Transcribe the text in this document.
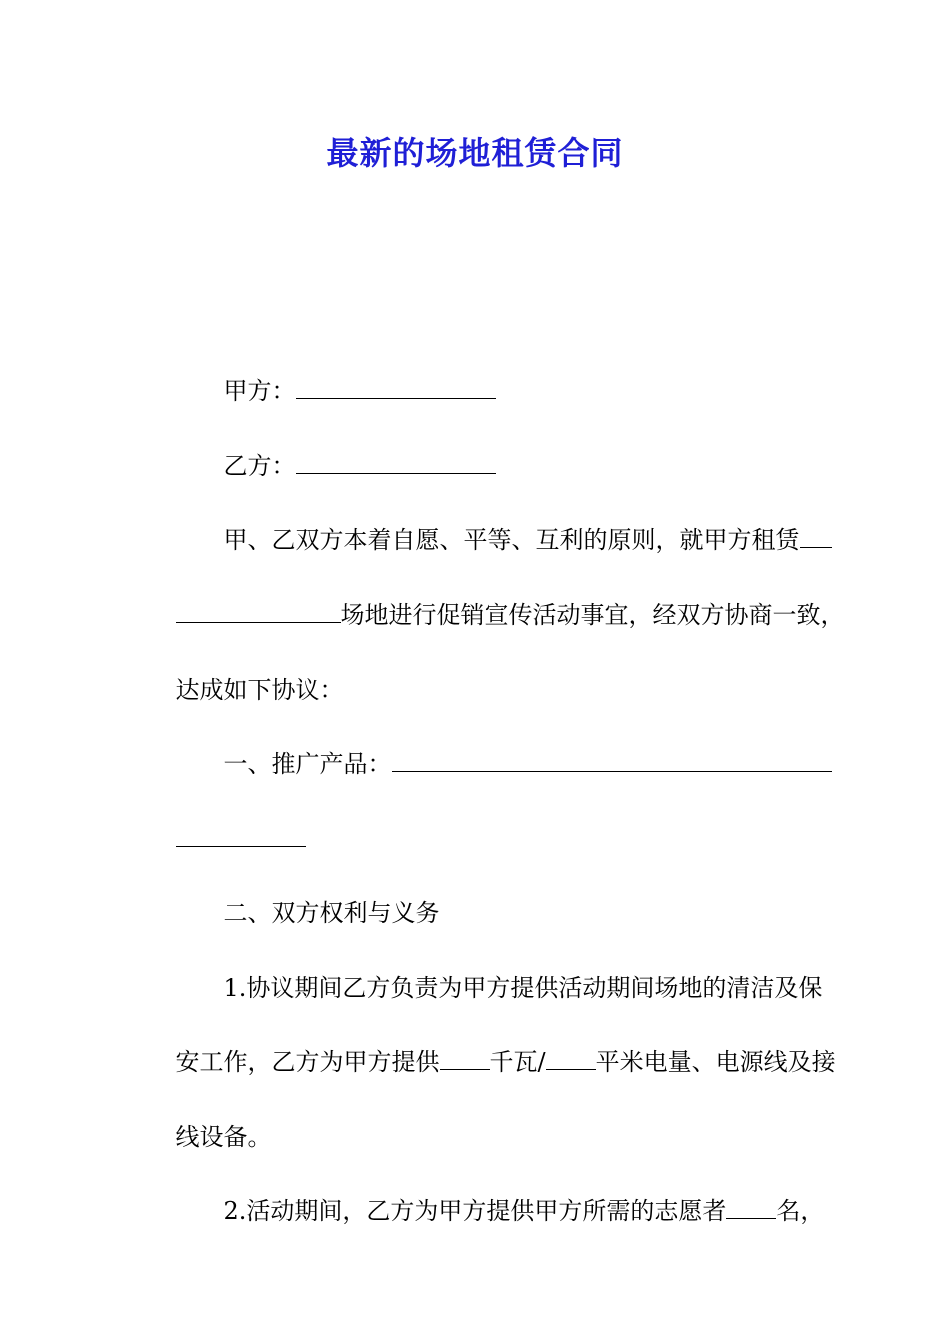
最新的场地租赁合同

甲方：

乙方：

甲、乙双方本着自愿、平等、互利的原则，就甲方租赁

场地进行促销宣传活动事宜，经双方协商一致，

达成如下协议：

一、推广产品：

二、双方权利与义务

1.协议期间乙方负责为甲方提供活动期间场地的清洁及保

安工作，乙方为甲方提供 千瓦/ 平米电量、电源线及接

线设备。

2.活动期间，乙方为甲方提供甲方所需的志愿者 名，
